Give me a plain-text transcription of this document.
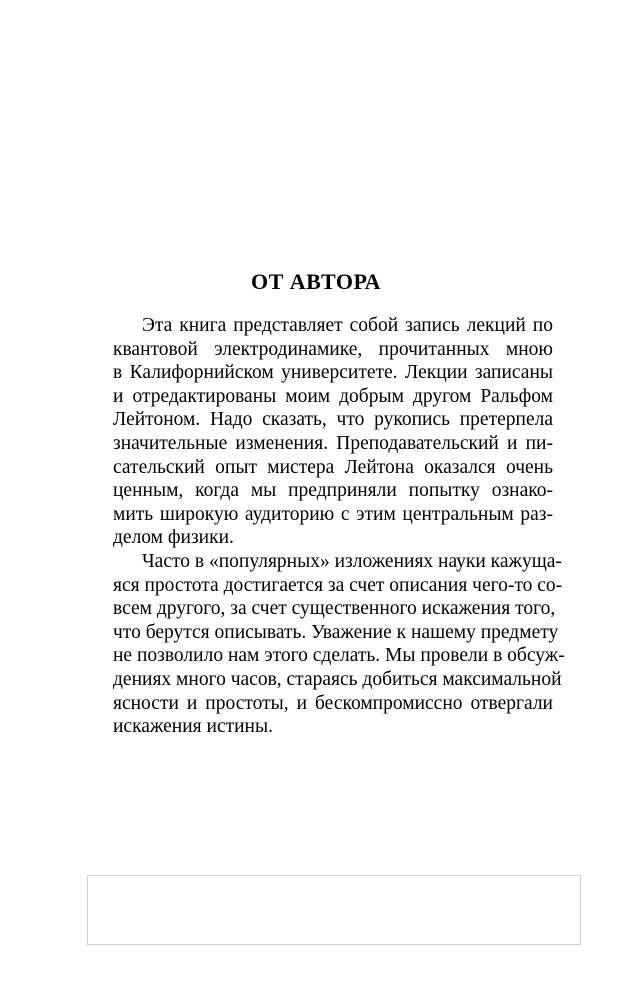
ОТ АВТОРА

Эта книга представляет собой запись лекций по
квантовой электродинамике, прочитанных мною
в Калифорнийском университете. Лекции записаны
и отредактированы моим добрым другом Ральфом
Лейтоном. Надо сказать, что рукопись претерпела
значительные изменения. Преподавательский и пи-
сательский опыт мистера Лейтона оказался очень
ценным, когда мы предприняли попытку ознако-
мить широкую аудиторию с этим центральным раз-
делом физики.

Часто в «популярных» изложениях науки кажуща-
яся простота достигается за счет описания чего-то со-
всем другого, за счет существенного искажения того,
что берутся описывать. Уважение к нашему предмету
не позволило нам этого сделать. Мы провели в обсуж-
дениях много часов, стараясь добиться максимальной
ясности и простоты, и бескомпромиссно отвергали
искажения истины.
